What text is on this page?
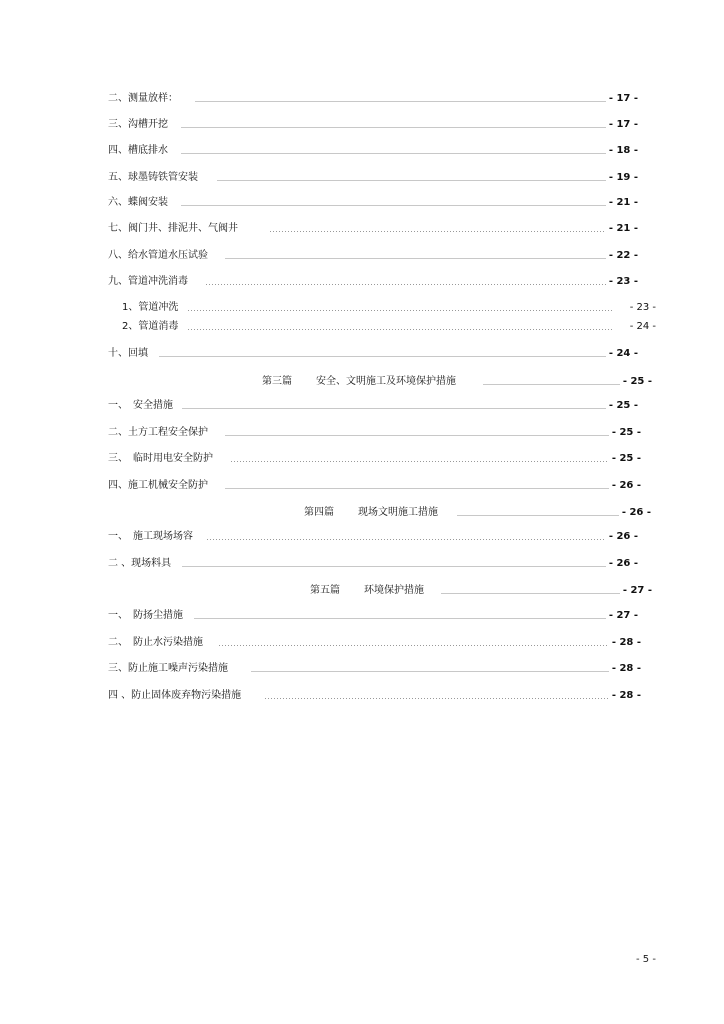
二、测量放样：	- 17 -
三、沟槽开挖	- 17 -
四、槽底排水	- 18 -
五、球墨铸铁管安装	- 19 -
六、蝶阀安装	- 21 -
七、阀门井、排泥井、气阀井	- 21 -
八、给水管道水压试验	- 22 -
九、管道冲洗消毒	- 23 -
1、管道冲洗	- 23 -
2、管道消毒	- 24 -
十、回填	- 24 -
第三篇 安全、文明施工及环境保护措施	- 25 -
一、　安全措施	- 25 -
二、土方工程安全保护	- 25 -
三、　临时用电安全防护	- 25 -
四、施工机械安全防护	- 26 -
第四篇 现场文明施工措施	- 26 -
一、　施工现场场容	- 26 -
二 、现场料具	- 26 -
第五篇 环境保护措施	- 27 -
一、　防扬尘措施	- 27 -
二、　防止水污染措施	- 28 -
三、防止施工噪声污染措施	- 28 -
四 、防止固体废弃物污染措施	- 28 -
- 5 -
